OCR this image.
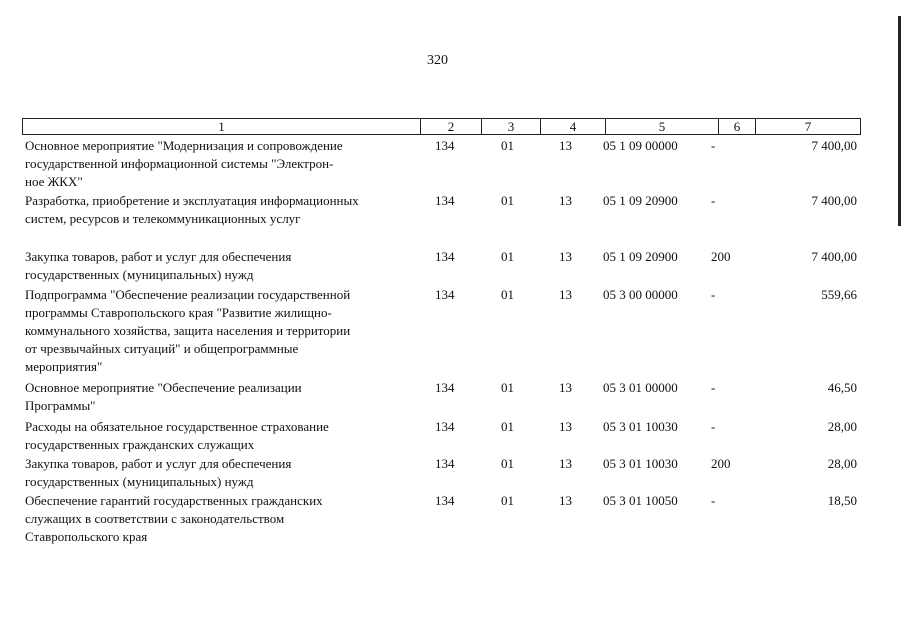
320
1	2	3	4	5	6	7
Основное мероприятие "Модернизация и сопровождение
государственной информационной системы "Электрон-
ное ЖКХ"
134	01	13	05 1 09 00000	-	7 400,00
Разработка, приобретение и эксплуатация информационных
систем, ресурсов и телекоммуникационных услуг
134	01	13	05 1 09 20900	-	7 400,00
Закупка товаров, работ и услуг для обеспечения
государственных (муниципальных) нужд
134	01	13	05 1 09 20900	200	7 400,00
Подпрограмма "Обеспечение реализации государственной
программы Ставропольского края "Развитие жилищно-
коммунального хозяйства, защита населения и территории
от чрезвычайных ситуаций" и общепрограммные
мероприятия"
134	01	13	05 3 00 00000	-	559,66
Основное мероприятие "Обеспечение реализации
Программы"
134	01	13	05 3 01 00000	-	46,50
Расходы на обязательное государственное страхование
государственных гражданских служащих
134	01	13	05 3 01 10030	-	28,00
Закупка товаров, работ и услуг для обеспечения
государственных (муниципальных) нужд
134	01	13	05 3 01 10030	200	28,00
Обеспечение гарантий государственных гражданских
служащих в соответствии с законодательством
Ставропольского края
134	01	13	05 3 01 10050	-	18,50
